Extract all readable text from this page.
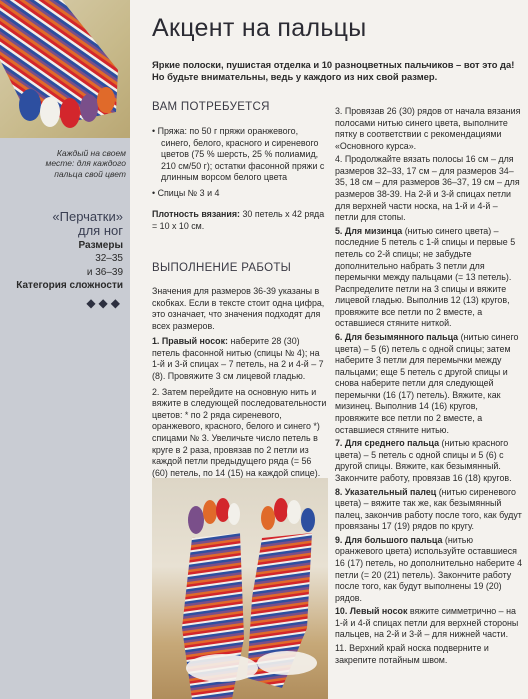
Каждый на своем месте: для каждого пальца свой цвет
«Перчатки»
для ног
Размеры
32–35
и 36–39
Категория сложности
◆◆◆
Акцент на пальцы
Яркие полоски, пушистая отделка и 10 разноцветных пальчиков – вот это да! Но будьте внимательны, ведь у каждого из них свой размер.
ВАМ ПОТРЕБУЕТСЯ

• Пряжа: по 50 г пряжи оранжевого, синего, белого, красного и сиреневого цветов (75 % шерсть, 25 % полиамид, 210 см/50 г); остатки фасонной пряжи с длинным ворсом белого цвета

• Спицы № 3 и 4

Плотность вязания: 30 петель x 42 ряда = 10 x 10 см.

ВЫПОЛНЕНИЕ РАБОТЫ

Значения для размеров 36-39 указаны в скобках. Если в тексте стоит одна цифра, это означает, что значения подходят для всех размеров.

1. Правый носок: наберите 28 (30) петель фасонной нитью (спицы № 4); на 1-й и 3-й спицах – 7 петель, на 2 и 4-й – 7 (8). Провяжите 3 см лицевой гладью.

2. Затем перейдите на основную нить и вяжите в следующей последовательности цветов: * по 2 ряда сиреневого, оранжевого, красного, белого и синего *) спицами № 3. Увеличьте число петель в круге в 2 раза, провязав по 2 петли из каждой петли предыдущего ряда (= 56 (60) петель, по 14 (15) на каждой спице).

3. Провязав 26 (30) рядов от начала вязания полосами нитью синего цвета, выполните пятку в соответствии с рекомендациями «Основного курса».

4. Продолжайте вязать полосы 16 см – для размеров 32–33, 17 см – для размеров 34–35, 18 см – для размеров 36–37, 19 см – для размеров 38-39. На 2-й и 3-й спицах петли для верхней части носка, на 1-й и 4-й – петли для стопы.

5. Для мизинца (нитью синего цвета) – последние 5 петель с 1-й спицы и первые 5 петель со 2-й спицы; не забудьте дополнительно набрать 3 петли для перемычки между пальцами (= 13 петель). Распределите петли на 3 спицы и вяжите лицевой гладью. Выполнив 12 (13) кругов, провяжите все петли по 2 вместе, а оставшиеся стяните ниткой.

6. Для безымянного пальца (нитью синего цвета) – 5 (6) петель с одной спицы; затем наберите 3 петли для перемычки между пальцами; еще 5 петель с другой спицы и снова наберите петли для следующей перемычки (16 (17) петель). Вяжите, как мизинец. Выполнив 14 (16) кругов, провяжите все петли по 2 вместе, а оставшиеся стяните нитью.

7. Для среднего пальца (нитью красного цвета) – 5 петель с одной спицы и 5 (6) с другой спицы. Вяжите, как безымянный. Закончите работу, провязав 16 (18) кругов.

8. Указательный палец (нитью сиреневого цвета) – вяжите так же, как безымянный палец, закончив работу после того, как будут провязаны 17 (19) рядов по кругу.

9. Для большого пальца (нитью оранжевого цвета) используйте оставшиеся 16 (17) петель, но дополнительно наберите 4 петли (= 20 (21) петель). Закончите работу после того, как будут выполнены 19 (20) рядов.

10. Левый носок вяжите симметрично – на 1-й и 4-й спицах петли для верхней стороны пальцев, на 2-й и 3-й – для нижней части.

11. Верхний край носка подверните и закрепите потайным швом.
